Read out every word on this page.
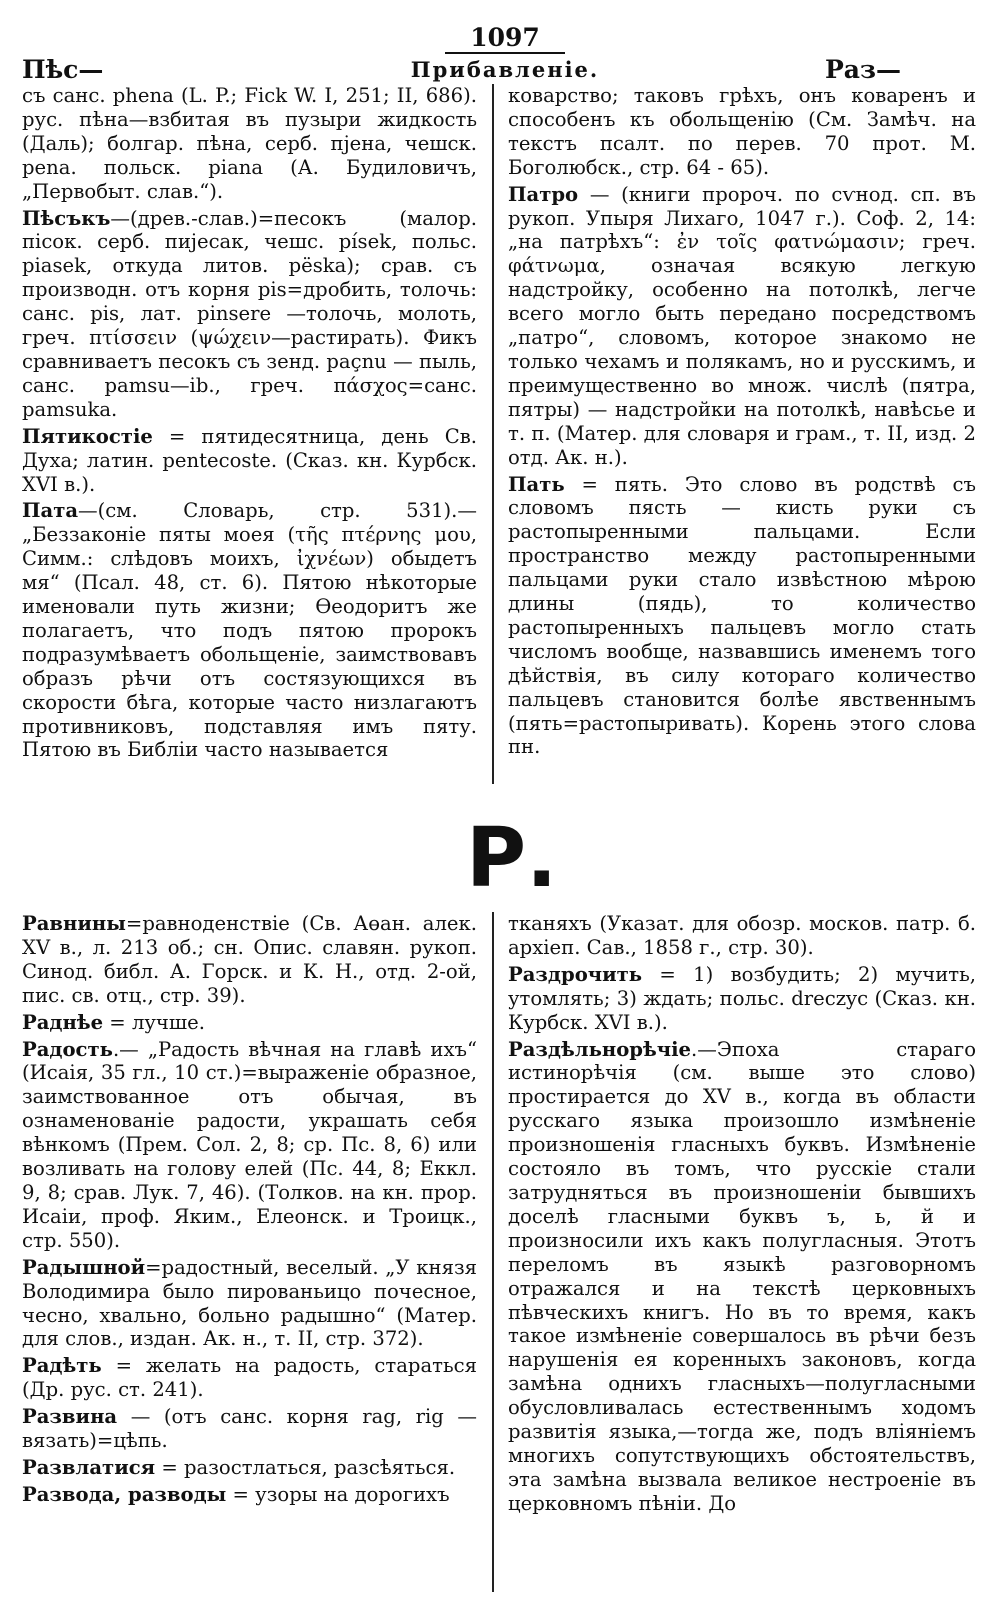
1097
Пѣс—	Прибавленіе.	Раз—

съ санс. phena (L. P.; Fick W. I, 251; II, 686). рус. пѣна—взбитая въ пузыри жидкость (Даль); болгар. пѣна, серб. пjена, чешск. pena. польск. piana (А. Будиловичъ, „Первобыт. слав.“).

Пѣсъкъ—(древ.-слав.)=песокъ (малор. пісок. серб. пиjесак, чешс. písek, польс. piasek, откуда литов. pëska); срав. съ производн. отъ корня pis=дробить, толочь: санс. pis, лат. pinsere —толочь, молоть, греч. πτίσσειν (ψώχειν—растирать). Фикъ сравниваетъ песокъ съ зенд. paçnu — пыль, санс. pamsu—ib., греч. πάσχος=санс. pamsuka.

Пятикостіе = пятидесятница, день Св. Духа; латин. pentecoste. (Сказ. кн. Курбск. XVI в.).

Пата—(см. Словарь, стр. 531).—„Беззаконіе пяты моея (τῆς πτέρνης μου, Симм.: слѣдовъ моихъ, ἰχνέων) обыдетъ мя“ (Псал. 48, ст. 6). Пятою нѣкоторые именовали путь жизни; Өеодоритъ же полагаетъ, что подъ пятою пророкъ подразумѣваетъ обольщеніе, заимствовавъ образъ рѣчи отъ состязующихся въ скорости бѣга, которые часто низлагаютъ противниковъ, подставляя имъ пяту. Пятою въ Библіи часто называется

коварство; таковъ грѣхъ, онъ коваренъ и способенъ къ обольщенію (См. Замѣч. на текстъ псалт. по перев. 70 прот. М. Боголюбск., стр. 64 - 65).

Патро — (книги пророч. по сѵнод. сп. въ рукоп. Упыря Лихаго, 1047 г.). Соф. 2, 14: „на патрѣхъ“: ἐν τοῖς φατνώμασιν; греч. φάτνωμα, означая всякую легкую надстройку, особенно на потолкѣ, легче всего могло быть передано посредствомъ „патро“, словомъ, которое знакомо не только чехамъ и полякамъ, но и русскимъ, и преимущественно во множ. числѣ (пятра, пятры) — надстройки на потолкѣ, навѣсье и т. п. (Матер. для словаря и грам., т. II, изд. 2 отд. Ак. н.).

Пать = пять. Это слово въ родствѣ съ словомъ пясть — кисть руки съ растопыренными пальцами. Если пространство между растопыренными пальцами руки стало извѣстною мѣрою длины (пядь), то количество растопыренныхъ пальцевъ могло стать числомъ вообще, назвавшись именемъ того дѣйствія, въ силу котораго количество пальцевъ становится болѣе явственнымъ (пять=растопыривать). Корень этого слова пн.

Р.

Равнины=равноденствіе (Св. Аөан. алек. XV в., л. 213 об.; сн. Опис. славян. рукоп. Синод. библ. А. Горск. и К. Н., отд. 2-ой, пис. св. отц., стр. 39).

Раднѣе = лучше.

Радость.— „Радость вѣчная на главѣ ихъ“ (Исаія, 35 гл., 10 ст.)=выраженіе образное, заимствованное отъ обычая, въ ознаменованіе радости, украшать себя вѣнкомъ (Прем. Сол. 2, 8; ср. Пс. 8, 6) или возливать на голову елей (Пс. 44, 8; Еккл. 9, 8; срав. Лук. 7, 46). (Толков. на кн. прор. Исаіи, проф. Яким., Елеонск. и Троицк., стр. 550).

Радышной=радостный, веселый. „У князя Володимира было пированьицо почесное, чесно, хвально, больно радышно“ (Матер. для слов., издан. Ак. н., т. II, стр. 372).

Радѣть = желать на радость, стараться (Др. рус. ст. 241).

Развина — (отъ санс. корня rag, rig —вязать)=цѣпь.

Развлатися = разостлаться, разсѣяться.

Развода, разводы = узоры на дорогихъ

тканяхъ (Указат. для обозр. москов. патр. б. архіеп. Сав., 1858 г., стр. 30).

Раздрочить = 1) возбудить; 2) мучить, утомлять; 3) ждать; польс. dreczyc (Сказ. кн. Курбск. XVI в.).

Раздѣльнорѣчіе.—Эпоха стараго истинорѣчія (см. выше это слово) простирается до XV в., когда въ области русскаго языка произошло измѣненіе произношенія гласныхъ буквъ. Измѣненіе состояло въ томъ, что русскіе стали затрудняться въ произношеніи бывшихъ доселѣ гласными буквъ ъ, ь, й и произносили ихъ какъ полугласныя. Этотъ переломъ въ языкѣ разговорномъ отражался и на текстѣ церковныхъ пѣвческихъ книгъ. Но въ то время, какъ такое измѣненіе совершалось въ рѣчи безъ нарушенія ея коренныхъ законовъ, когда замѣна однихъ гласныхъ—полугласными обусловливалась естественнымъ ходомъ развитія языка,—тогда же, подъ вліяніемъ многихъ сопутствующихъ обстоятельствъ, эта замѣна вызвала великое нестроеніе въ церковномъ пѣніи. До
